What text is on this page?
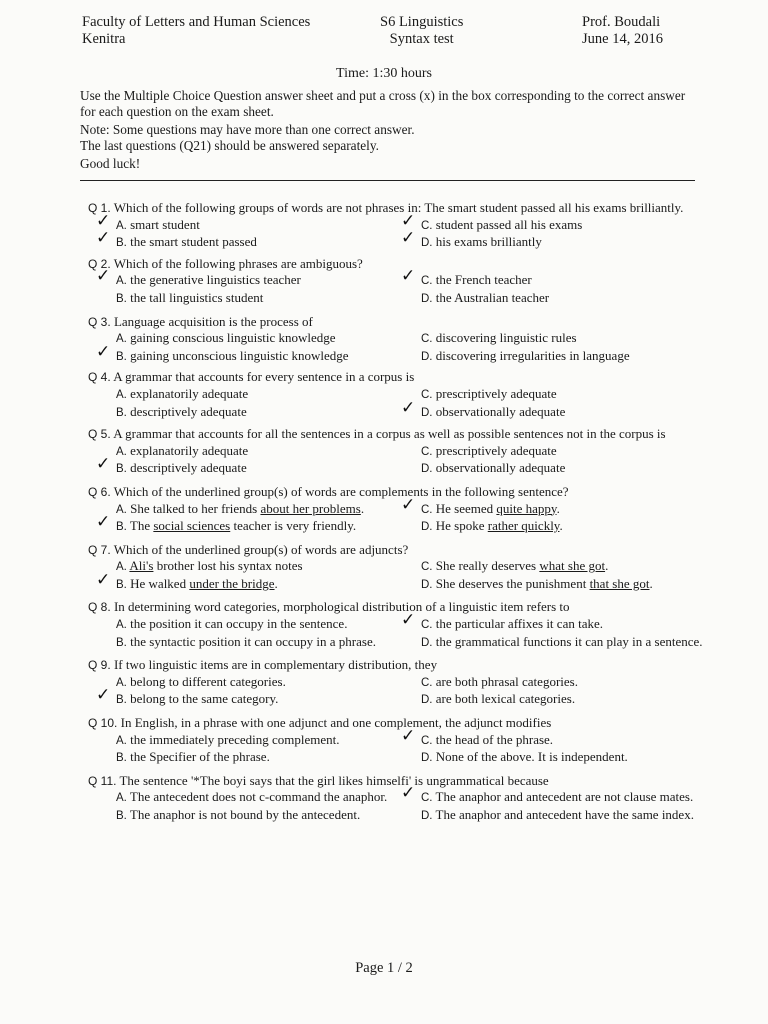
Faculty of Letters and Human Sciences
Kenitra
S6 Linguistics
Syntax test
Prof. Boudali
June 14, 2016
Time: 1:30 hours

Use the Multiple Choice Question answer sheet and put a cross (x) in the box corresponding to the correct answer for each question on the exam sheet.

Note: Some questions may have more than one correct answer.

The last questions (Q21) should be answered separately.

Good luck!

Q 1. Which of the following groups of words are not phrases in: The smart student passed all his exams brilliantly.
✓ A. smart student	✓ C. student passed all his exams
✓ B. the smart student passed	✓ D. his exams brilliantly
Q 2. Which of the following phrases are ambiguous?
✓ A. the generative linguistics teacher	✓ C. the French teacher
B. the tall linguistics student	D. the Australian teacher
Q 3. Language acquisition is the process of
A. gaining conscious linguistic knowledge	C. discovering linguistic rules
✓ B. gaining unconscious linguistic knowledge	D. discovering irregularities in language
Q 4. A grammar that accounts for every sentence in a corpus is
A. explanatorily adequate	C. prescriptively adequate
B. descriptively adequate	✓ D. observationally adequate
Q 5. A grammar that accounts for all the sentences in a corpus as well as possible sentences not in the corpus is
A. explanatorily adequate	C. prescriptively adequate
✓ B. descriptively adequate	D. observationally adequate
Q 6. Which of the underlined group(s) of words are complements in the following sentence?
A. She talked to her friends about her problems.	✓ C. He seemed quite happy.
✓ B. The social sciences teacher is very friendly.	D. He spoke rather quickly.
Q 7. Which of the underlined group(s) of words are adjuncts?
A. Ali's brother lost his syntax notes	C. She really deserves what she got.
✓ B. He walked under the bridge.	D. She deserves the punishment that she got.
Q 8. In determining word categories, morphological distribution of a linguistic item refers to
A. the position it can occupy in the sentence.	✓ C. the particular affixes it can take.
B. the syntactic position it can occupy in a phrase.	D. the grammatical functions it can play in a sentence.
Q 9. If two linguistic items are in complementary distribution, they
A. belong to different categories.	C. are both phrasal categories.
✓ B. belong to the same category.	D. are both lexical categories.
Q 10. In English, in a phrase with one adjunct and one complement, the adjunct modifies
A. the immediately preceding complement.	✓ C. the head of the phrase.
B. the Specifier of the phrase.	D. None of the above. It is independent.
Q 11. The sentence '*The boyi says that the girl likes himselfi' is ungrammatical because
A. The antecedent does not c-command the anaphor. ✓ C. The anaphor and antecedent are not clause mates.
B. The anaphor is not bound by the antecedent.	D. The anaphor and antecedent have the same index.
Page 1 / 2
